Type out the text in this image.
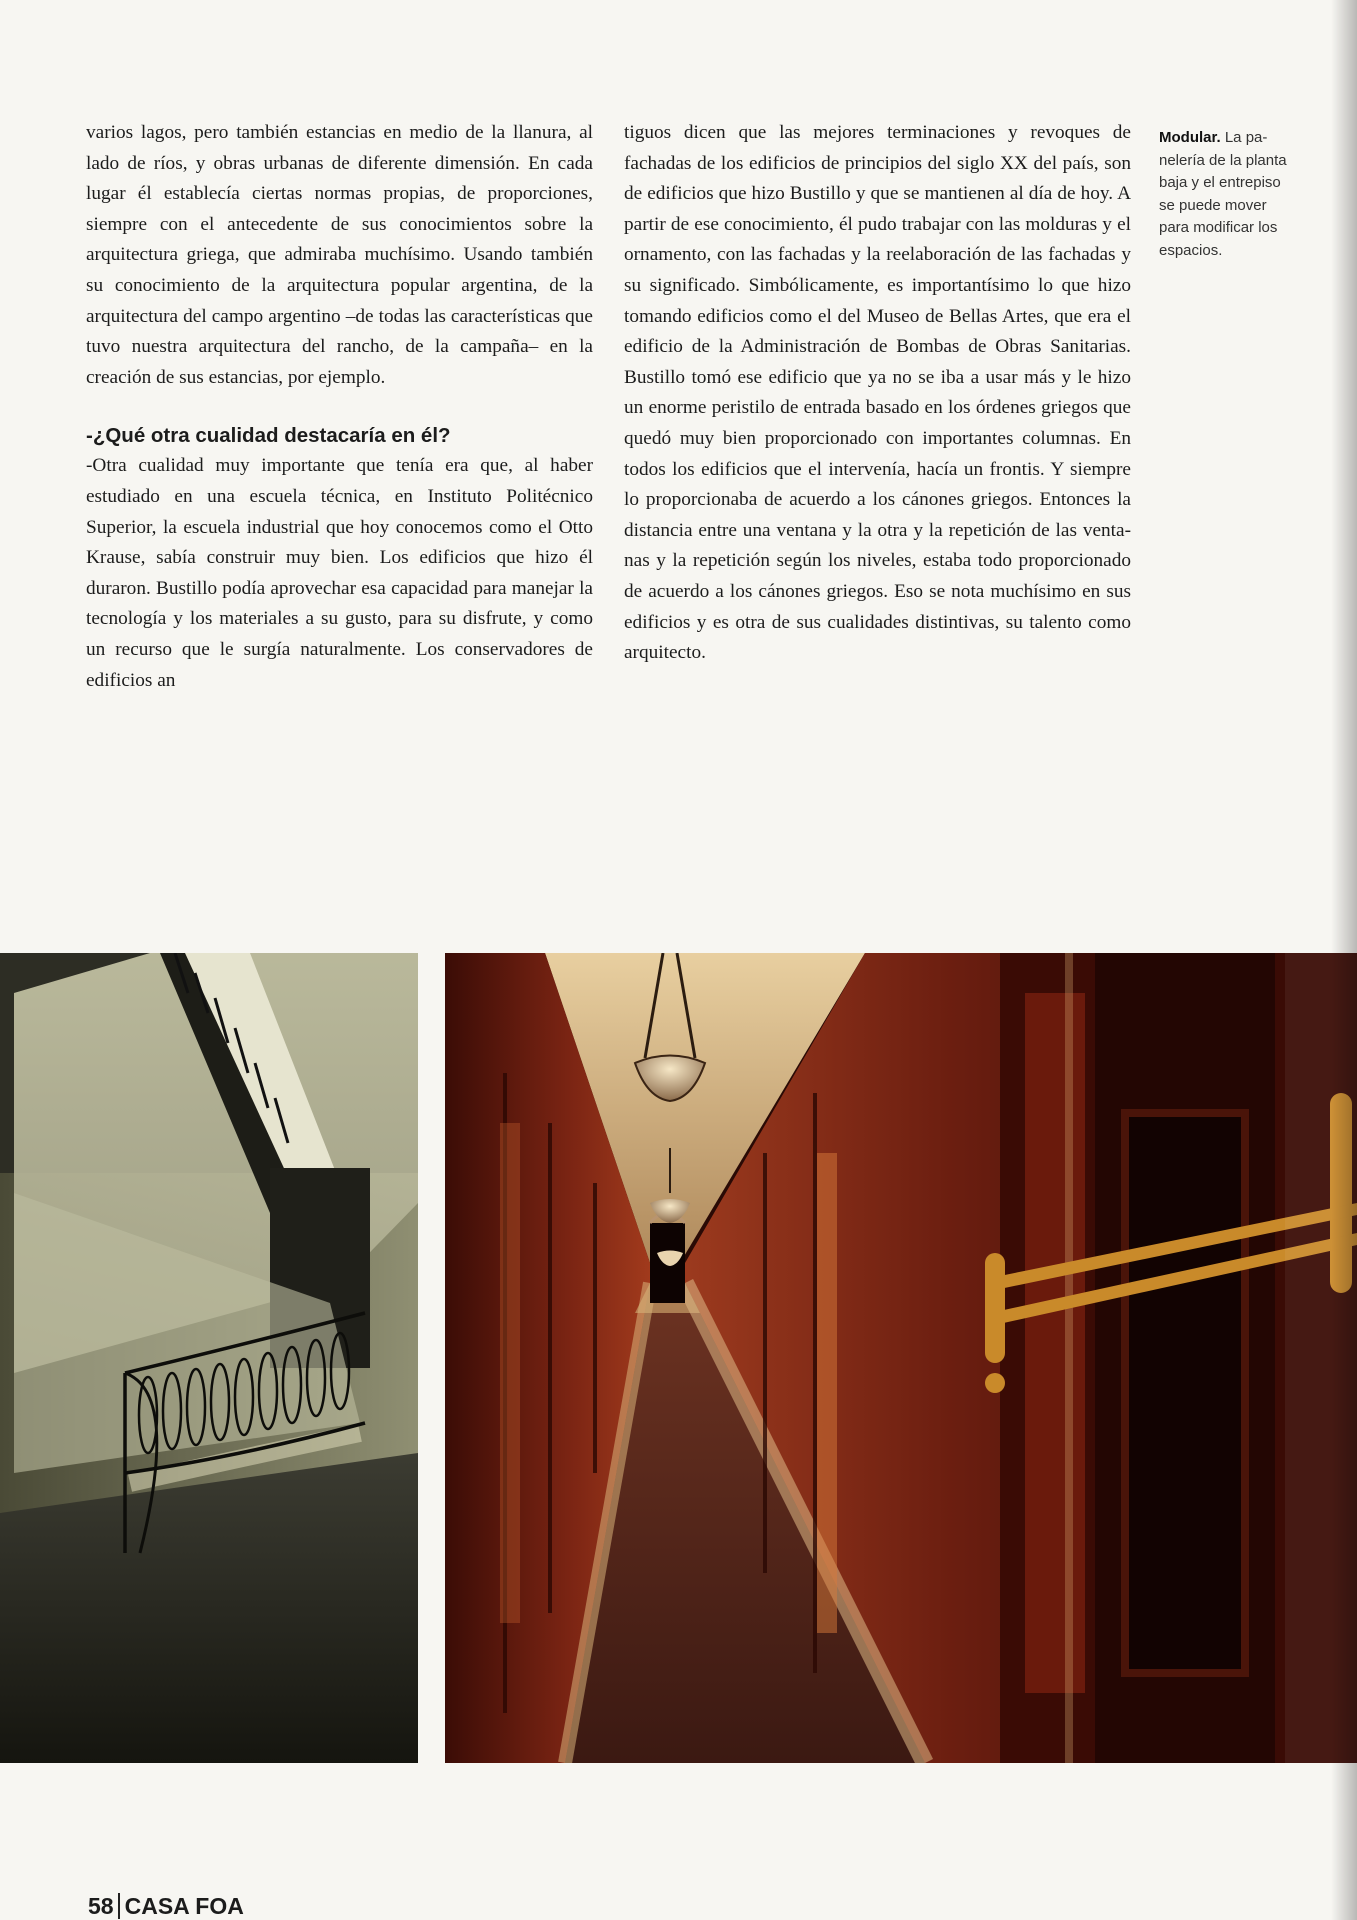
varios lagos, pero también estancias en medio de la llanura, al lado de ríos, y obras urbanas de diferente dimensión. En cada lugar él establecía ciertas normas propias, de proporciones, siempre con el antecedente de sus conocimientos sobre la arquitectura griega, que admiraba muchísimo. Usando también su conocimiento de la arquitectura popular argentina, de la arquitectura del campo argentino –de todas las características que tuvo nuestra arquitectura del rancho, de la campaña– en la creación de sus estancias, por ejemplo.

-¿Qué otra cualidad destacaría en él?

-Otra cualidad muy importante que tenía era que, al haber estudiado en una escuela técnica, en Instituto Politécnico Superior, la escuela industrial que hoy conocemos como el Otto Krause, sabía construir muy bien. Los edificios que hizo él duraron. Bustillo podía aprovechar esa capacidad para manejar la tecnología y los materiales a su gusto, para su disfrute, y como un recurso que le surgía naturalmente. Los conservadores de edificios an

tiguos dicen que las mejores terminaciones y revoques de fachadas de los edificios de principios del siglo XX del país, son de edificios que hizo Bustillo y que se mantienen al día de hoy. A partir de ese conocimiento, él pudo trabajar con las molduras y el ornamento, con las fachadas y la reelaboración de las fachadas y su significado. Simbólicamente, es importantísimo lo que hizo tomando edificios como el del Museo de Bellas Artes, que era el edificio de la Administración de Bombas de Obras Sanitarias. Bustillo tomó ese edificio que ya no se iba a usar más y le hizo un enorme peristilo de entrada basado en los órdenes griegos que quedó muy bien proporcionado con importantes columnas. En todos los edificios que el intervenía, hacía un frontis. Y siempre lo proporcionaba de acuerdo a los cánones griegos. Entonces la distancia entre una ventana y la otra y la repetición de las ventanas y la repetición según los niveles, estaba todo proporcionado de acuerdo a los cánones griegos. Eso se nota muchísimo en sus edificios y es otra de sus cualidades distintivas, su talento como arquitecto.

Modular. La panelería de la planta baja y el entrepiso se puede mover para modificar los espacios.
58 CASA FOA
